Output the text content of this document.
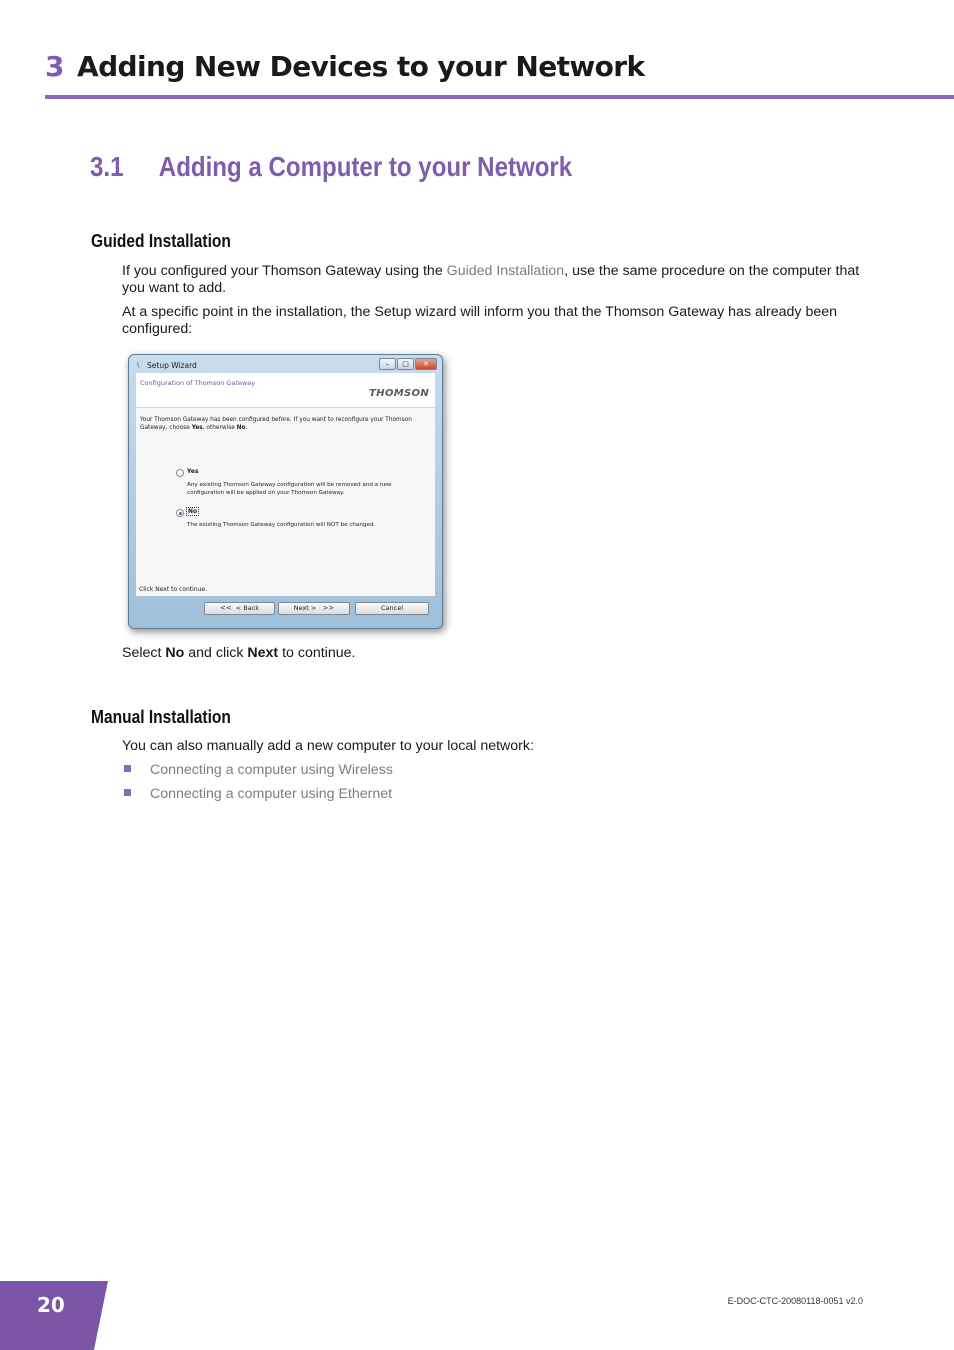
3 Adding New Devices to your Network
3.1 Adding a Computer to your Network
Guided Installation
If you configured your Thomson Gateway using the Guided Installation, use the same procedure on the computer that you want to add.
At a specific point in the installation, the Setup wizard will inform you that the Thomson Gateway has already been configured:
\ Setup Wizard	–	□	✕
Configuration of Thomson Gateway
THOMSON
Your Thomson Gateway has been configured before. If you want to reconfigure your Thomson Gateway, choose Yes, otherwise No.
Yes
Any existing Thomson Gateway configuration will be removed and a new configuration will be applied on your Thomson Gateway.
No
The existing Thomson Gateway configuration will NOT be changed.
Click Next to continue.
<< < Back	Next > >>	Cancel
Select No and click Next to continue.
Manual Installation
You can also manually add a new computer to your local network:
Connecting a computer using Wireless
Connecting a computer using Ethernet
20	E-DOC-CTC-20080118-0051 v2.0
